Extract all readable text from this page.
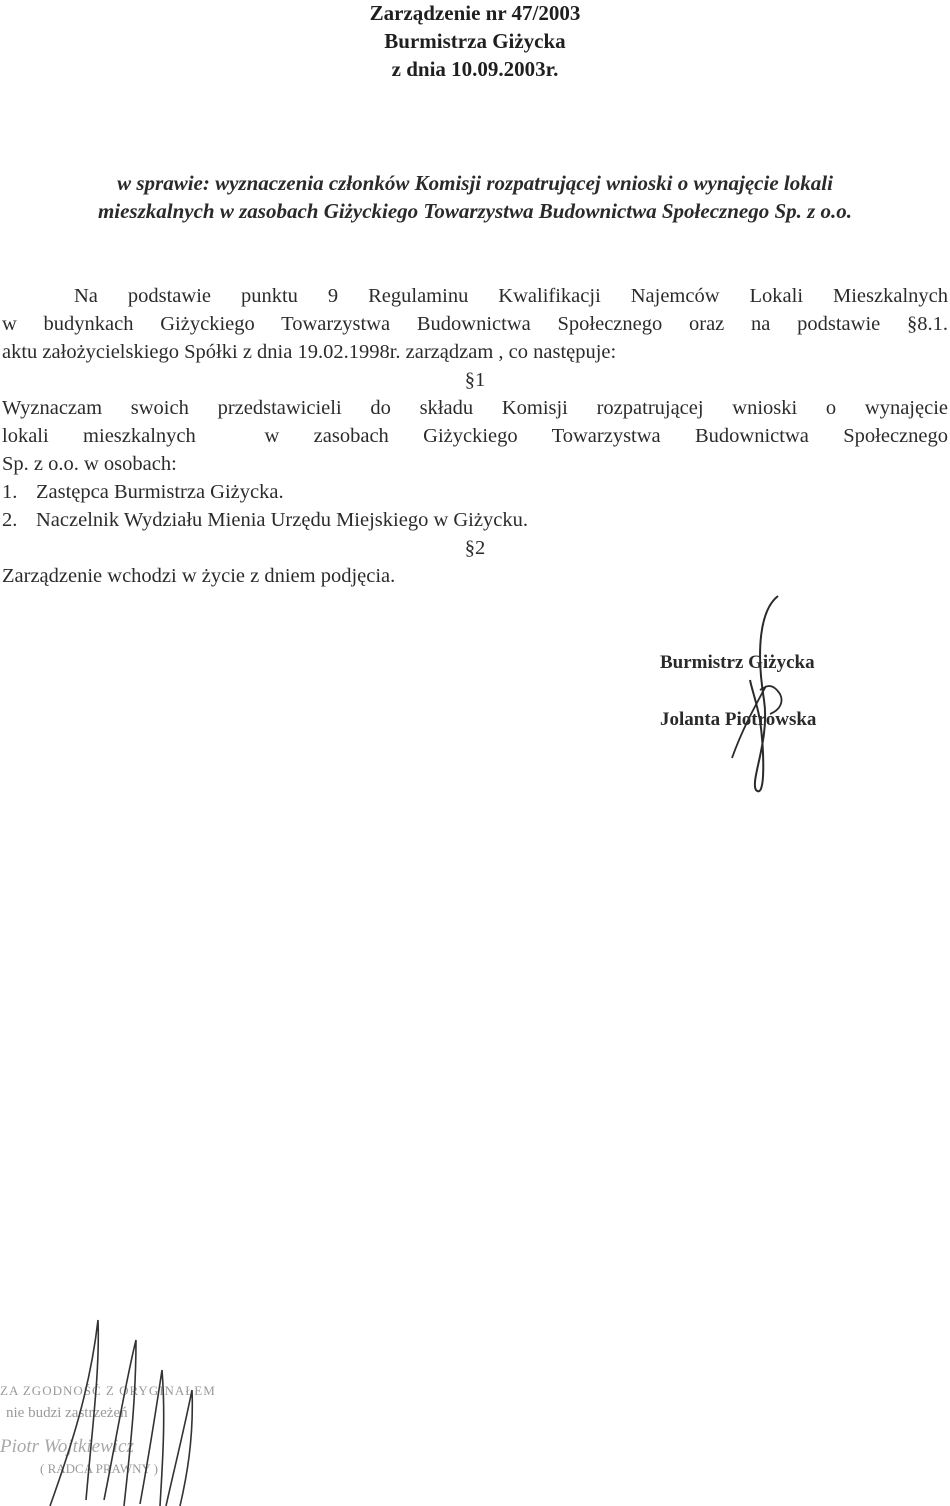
Zarządzenie nr 47/2003
Burmistrza Giżycka
z dnia 10.09.2003r.
w sprawie: wyznaczenia członków Komisji rozpatrującej wnioski o wynajęcie lokali
mieszkalnych w zasobach Giżyckiego Towarzystwa Budownictwa Społecznego Sp. z o.o.
Na podstawie punktu 9 Regulaminu Kwalifikacji Najemców Lokali Mieszkalnych
w budynkach Giżyckiego Towarzystwa Budownictwa Społecznego oraz na podstawie §8.1.
aktu założycielskiego Spółki z dnia 19.02.1998r. zarządzam , co następuje:
§1
Wyznaczam swoich przedstawicieli do składu Komisji rozpatrującej wnioski o wynajęcie
lokali mieszkalnych  w zasobach Giżyckiego Towarzystwa Budownictwa Społecznego
Sp. z o.o. w osobach:
1. Zastępca Burmistrza Giżycka.
2. Naczelnik Wydziału Mienia Urzędu Miejskiego w Giżycku.
§2
Zarządzenie wchodzi w życie z dniem podjęcia.
Burmistrz Giżycka
Jolanta Piotrowska
ZA ZGODNOŚĆ Z ORYGINAŁEM
nie budzi zastrzeżeń
Piotr Wojtkiewicz
( RADCA PRAWNY )
